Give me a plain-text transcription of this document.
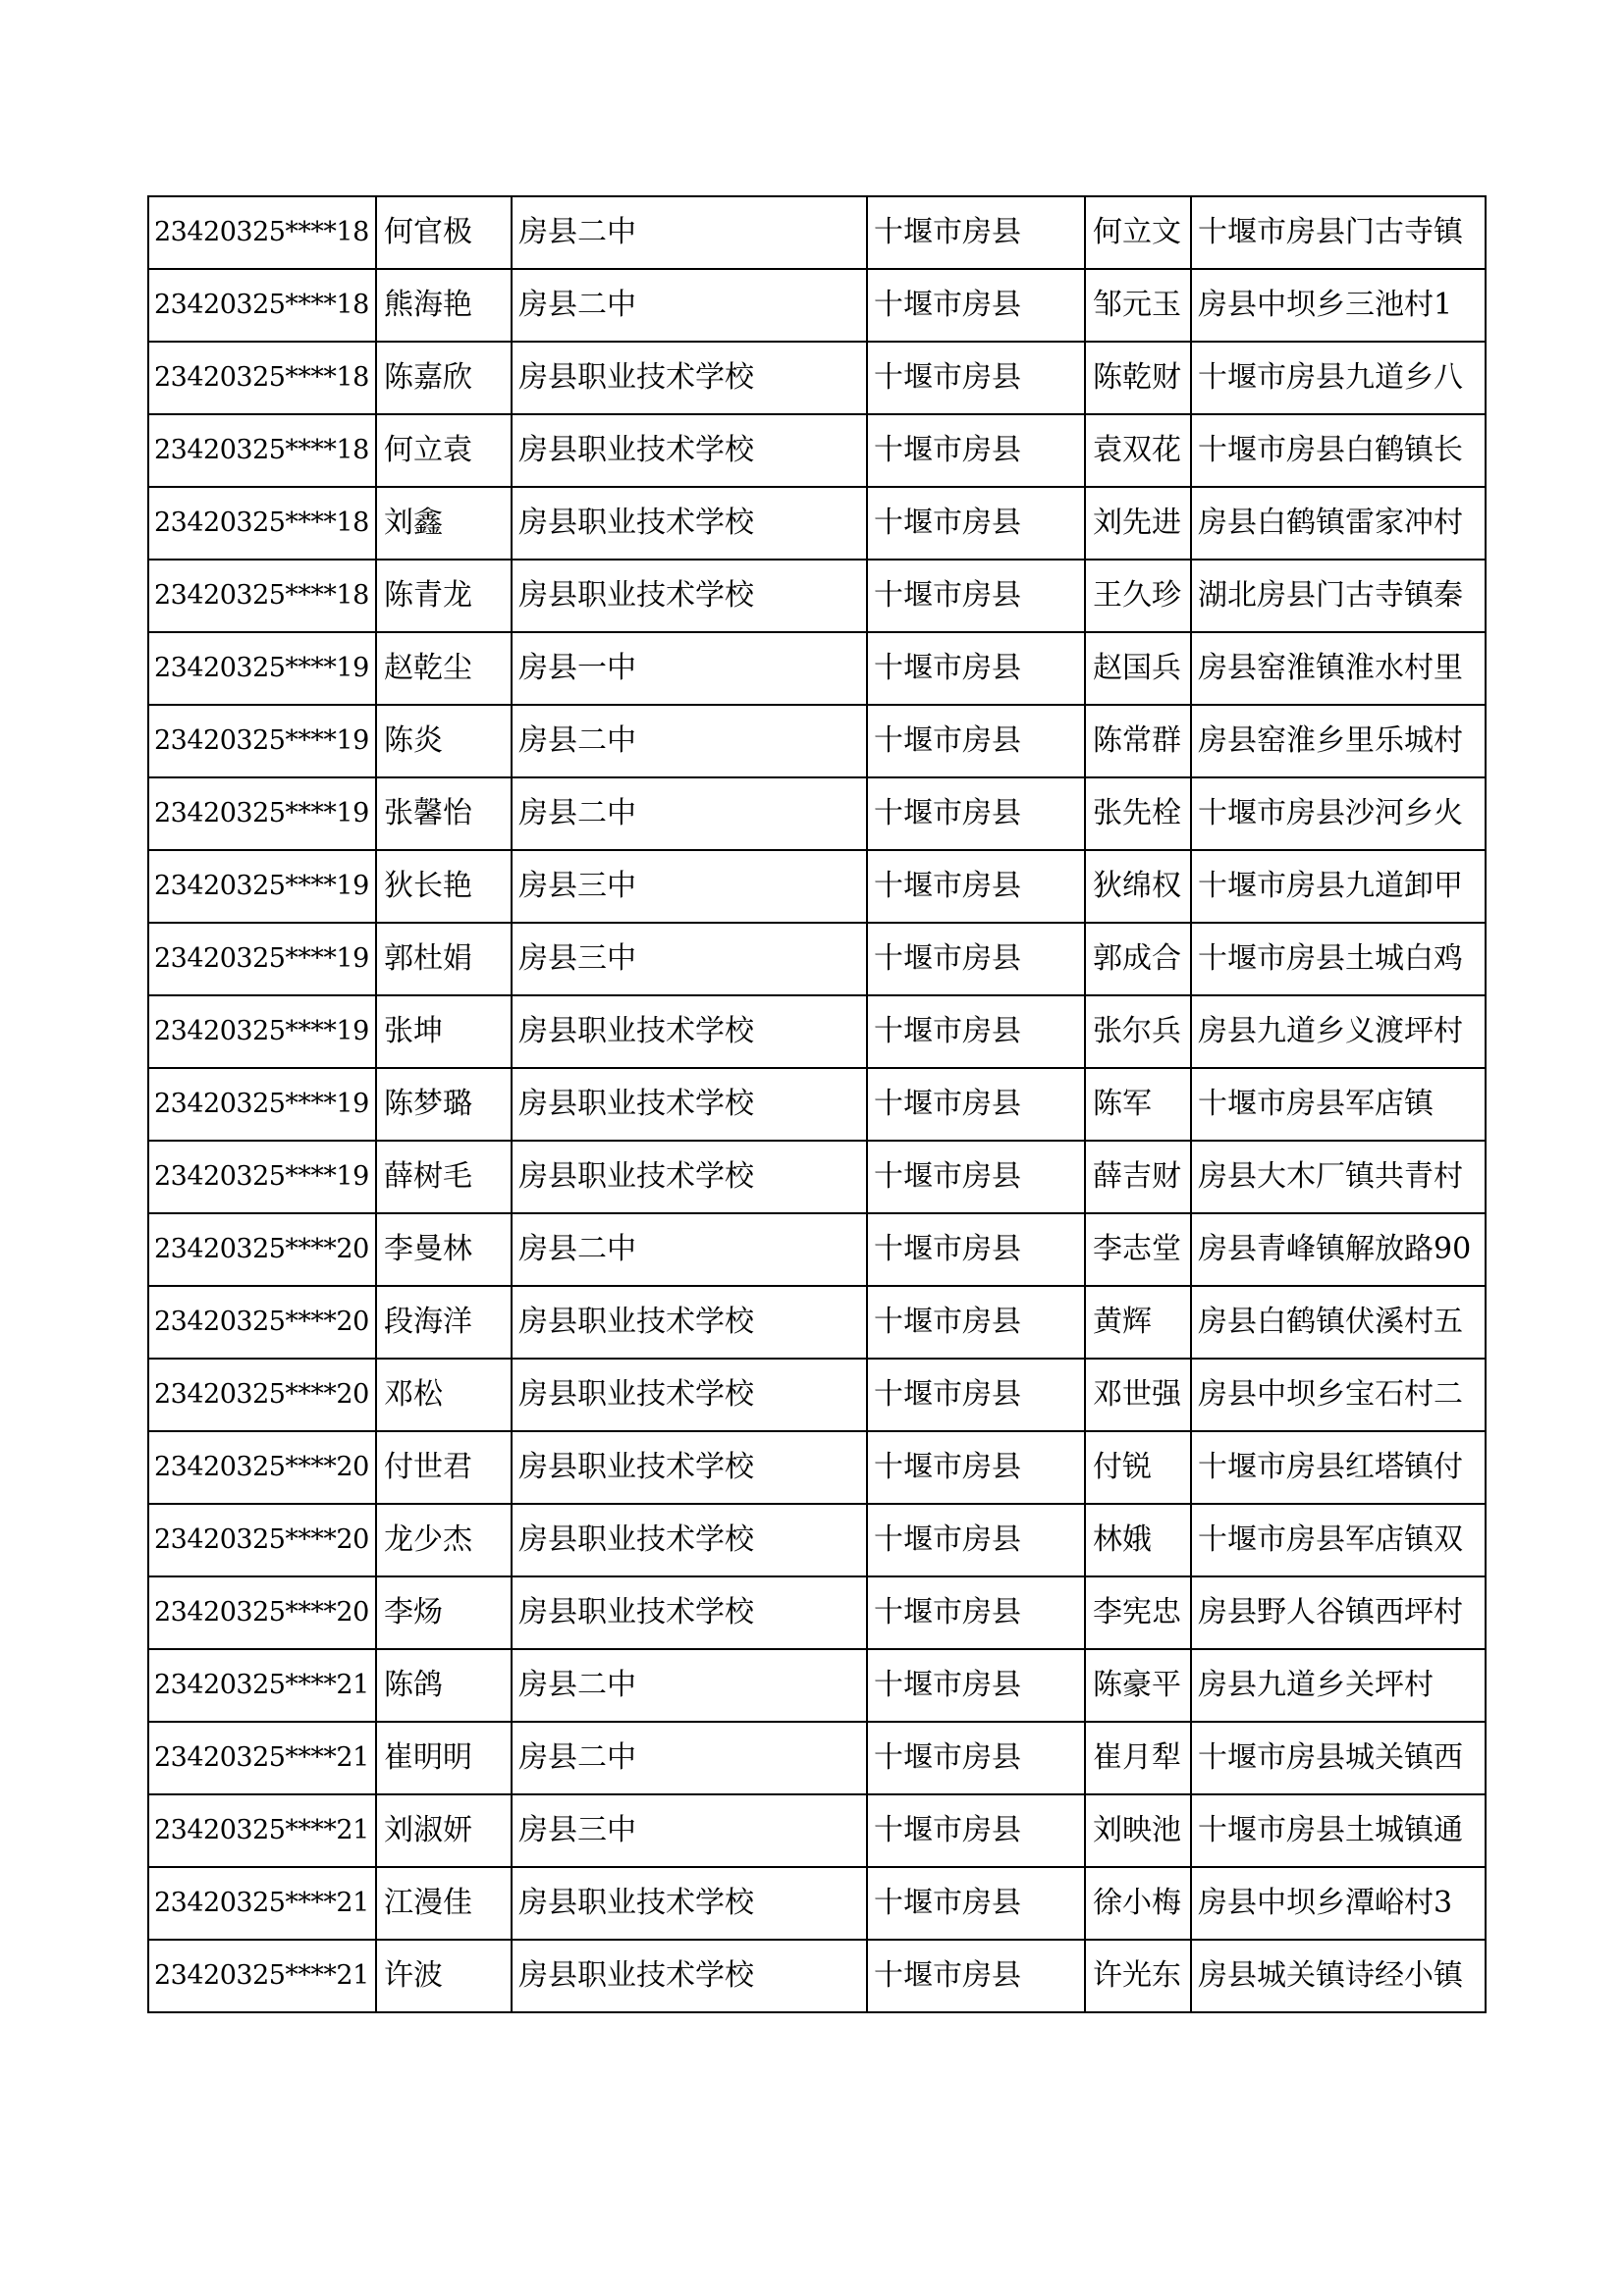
23420325****18	何官极	房县二中	十堰市房县	何立文	十堰市房县门古寺镇
23420325****18	熊海艳	房县二中	十堰市房县	邹元玉	房县中坝乡三池村1
23420325****18	陈嘉欣	房县职业技术学校	十堰市房县	陈乾财	十堰市房县九道乡八
23420325****18	何立袁	房县职业技术学校	十堰市房县	袁双花	十堰市房县白鹤镇长
23420325****18	刘鑫	房县职业技术学校	十堰市房县	刘先进	房县白鹤镇雷家冲村
23420325****18	陈青龙	房县职业技术学校	十堰市房县	王久珍	湖北房县门古寺镇秦
23420325****19	赵乾尘	房县一中	十堰市房县	赵国兵	房县窑淮镇淮水村里
23420325****19	陈炎	房县二中	十堰市房县	陈常群	房县窑淮乡里乐城村
23420325****19	张馨怡	房县二中	十堰市房县	张先栓	十堰市房县沙河乡火
23420325****19	狄长艳	房县三中	十堰市房县	狄绵权	十堰市房县九道卸甲
23420325****19	郭杜娟	房县三中	十堰市房县	郭成合	十堰市房县土城白鸡
23420325****19	张坤	房县职业技术学校	十堰市房县	张尔兵	房县九道乡义渡坪村
23420325****19	陈梦璐	房县职业技术学校	十堰市房县	陈军	十堰市房县军店镇
23420325****19	薛树毛	房县职业技术学校	十堰市房县	薛吉财	房县大木厂镇共青村
23420325****20	李曼林	房县二中	十堰市房县	李志堂	房县青峰镇解放路90
23420325****20	段海洋	房县职业技术学校	十堰市房县	黄辉	房县白鹤镇伏溪村五
23420325****20	邓松	房县职业技术学校	十堰市房县	邓世强	房县中坝乡宝石村二
23420325****20	付世君	房县职业技术学校	十堰市房县	付锐	十堰市房县红塔镇付
23420325****20	龙少杰	房县职业技术学校	十堰市房县	林娥	十堰市房县军店镇双
23420325****20	李炀	房县职业技术学校	十堰市房县	李宪忠	房县野人谷镇西坪村
23420325****21	陈鸽	房县二中	十堰市房县	陈豪平	房县九道乡关坪村
23420325****21	崔明明	房县二中	十堰市房县	崔月犁	十堰市房县城关镇西
23420325****21	刘淑妍	房县三中	十堰市房县	刘映池	十堰市房县土城镇通
23420325****21	江漫佳	房县职业技术学校	十堰市房县	徐小梅	房县中坝乡潭峪村3
23420325****21	许波	房县职业技术学校	十堰市房县	许光东	房县城关镇诗经小镇
